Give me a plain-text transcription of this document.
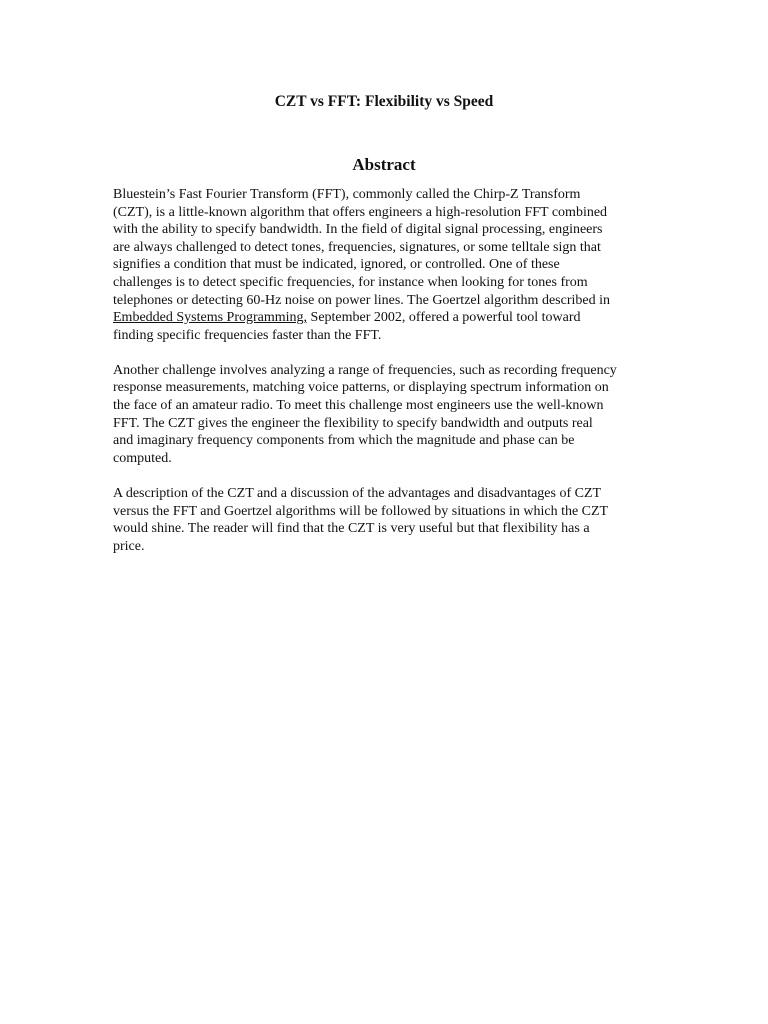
CZT vs FFT: Flexibility vs Speed
Abstract

Bluestein’s Fast Fourier Transform (FFT), commonly called the Chirp-Z Transform
(CZT), is a little-known algorithm that offers engineers a high-resolution FFT combined
with the ability to specify bandwidth. In the field of digital signal processing, engineers
are always challenged to detect tones, frequencies, signatures, or some telltale sign that
signifies a condition that must be indicated, ignored, or controlled. One of these
challenges is to detect specific frequencies, for instance when looking for tones from
telephones or detecting 60-Hz noise on power lines. The Goertzel algorithm described in
Embedded Systems Programming, September 2002, offered a powerful tool toward
finding specific frequencies faster than the FFT.

Another challenge involves analyzing a range of frequencies, such as recording frequency
response measurements, matching voice patterns, or displaying spectrum information on
the face of an amateur radio. To meet this challenge most engineers use the well-known
FFT. The CZT gives the engineer the flexibility to specify bandwidth and outputs real
and imaginary frequency components from which the magnitude and phase can be
computed.

A description of the CZT and a discussion of the advantages and disadvantages of CZT
versus the FFT and Goertzel algorithms will be followed by situations in which the CZT
would shine. The reader will find that the CZT is very useful but that flexibility has a
price.
